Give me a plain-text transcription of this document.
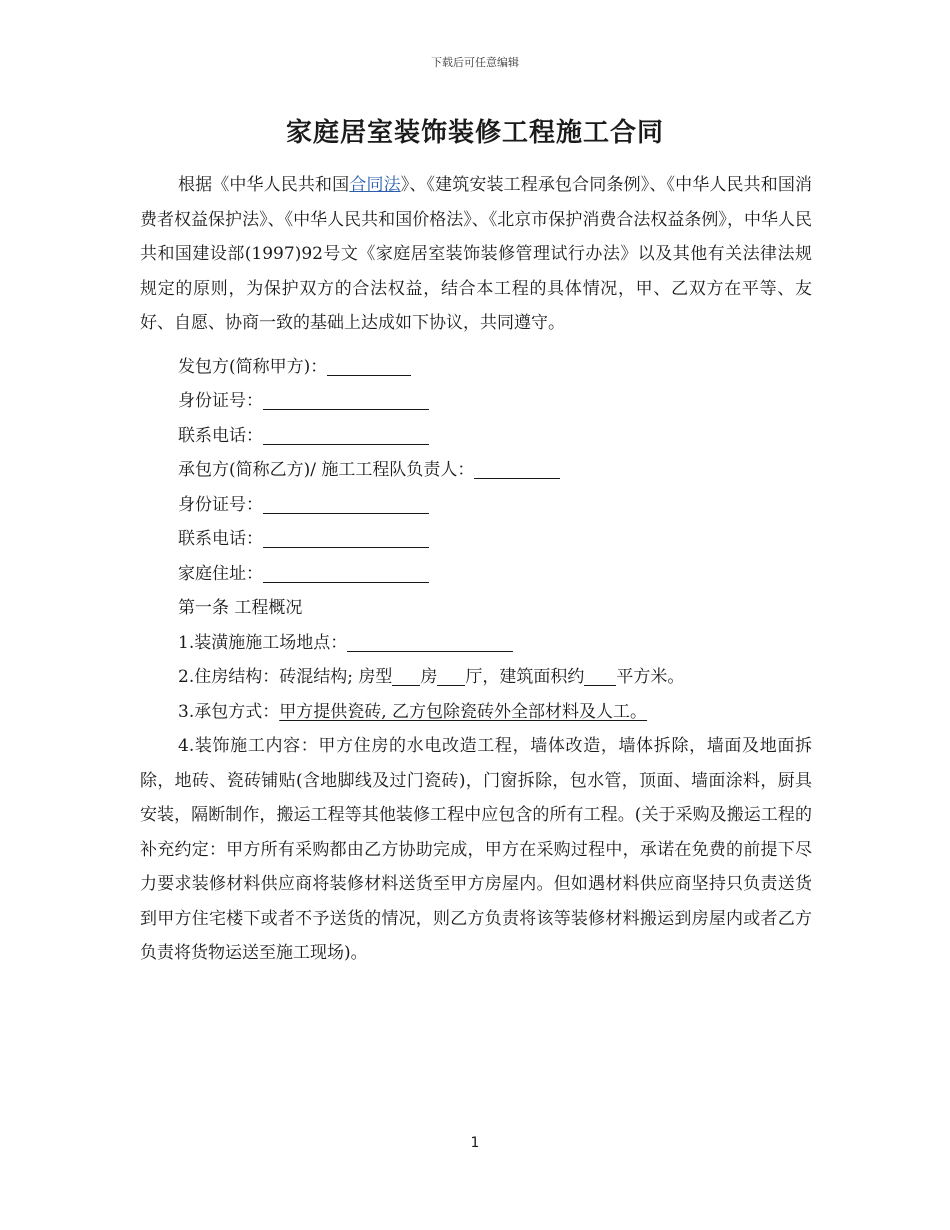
下载后可任意编辑
家庭居室装饰装修工程施工合同

根据《中华人民共和国合同法》、《建筑安装工程承包合同条例》、《中华人民共和国消费者权益保护法》、《中华人民共和国价格法》、《北京市保护消费合法权益条例》，中华人民共和国建设部(1997)92号文《家庭居室装饰装修管理试行办法》以及其他有关法律法规规定的原则，为保护双方的合法权益，结合本工程的具体情况，甲、乙双方在平等、友好、自愿、协商一致的基础上达成如下协议，共同遵守。

发包方(简称甲方)：

身份证号：

联系电话：

承包方(简称乙方)/ 施工工程队负责人：

身份证号：

联系电话：

家庭住址：

第一条 工程概况

1.装潢施施工场地点：

2.住房结构：砖混结构; 房型 房 厅，建筑面积约 平方米。

3.承包方式：甲方提供瓷砖, 乙方包除瓷砖外全部材料及人工。

4.装饰施工内容：甲方住房的水电改造工程，墙体改造，墙体拆除，墙面及地面拆除，地砖、瓷砖铺贴(含地脚线及过门瓷砖)，门窗拆除，包水管，顶面、墙面涂料，厨具安装，隔断制作，搬运工程等其他装修工程中应包含的所有工程。(关于采购及搬运工程的补充约定：甲方所有采购都由乙方协助完成，甲方在采购过程中，承诺在免费的前提下尽力要求装修材料供应商将装修材料送货至甲方房屋内。但如遇材料供应商坚持只负责送货到甲方住宅楼下或者不予送货的情况，则乙方负责将该等装修材料搬运到房屋内或者乙方负责将货物运送至施工现场)。

1
